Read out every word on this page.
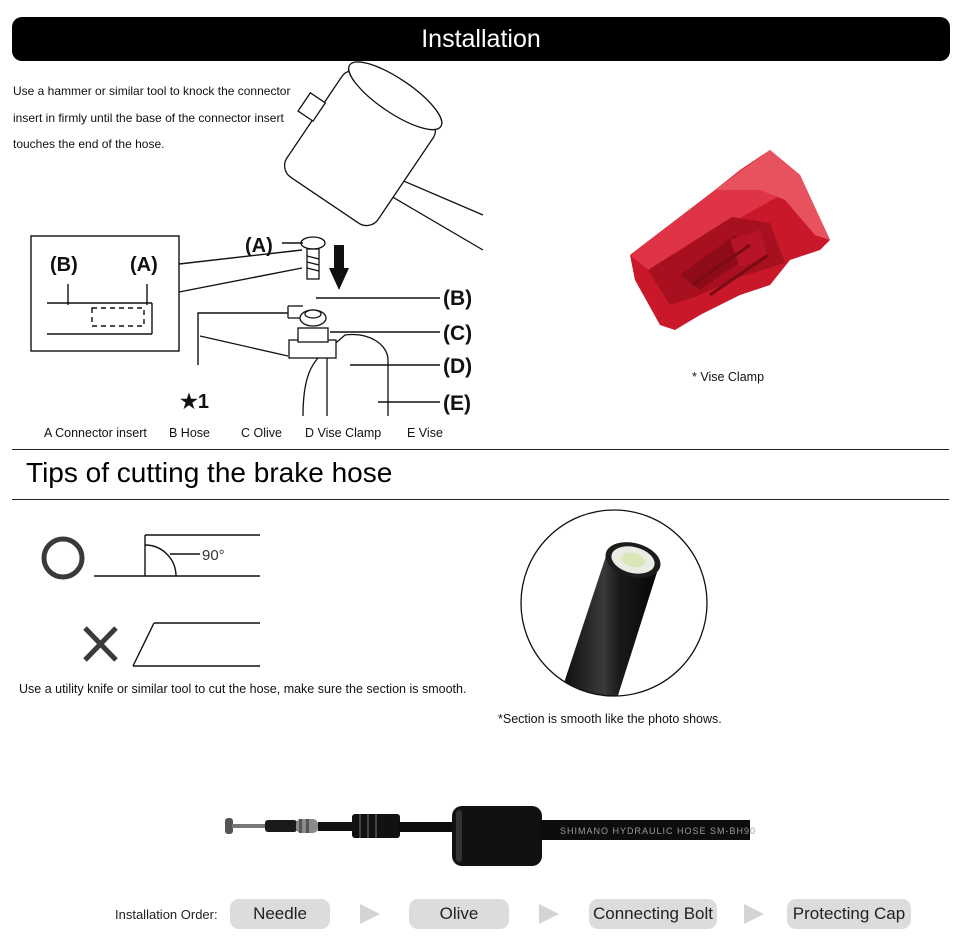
Installation
Use a hammer or similar tool to knock the connector
insert in firmly until the base of the connector insert
touches the end of the hose.
(B)	(A)
(A)
(B)
(C)
(D)
(E)
★1
A Connector insert B Hose C Olive D Vise Clamp E Vise
* Vise Clamp
Tips of cutting the brake hose
90°
Use a utility knife or similar tool to cut the hose, make sure the section is smooth.
*Section is smooth like the photo shows.
SHIMANO HYDRAULIC HOSE SM-BH90
Installation Order:	Needle	Olive	Connecting Bolt	Protecting Cap
